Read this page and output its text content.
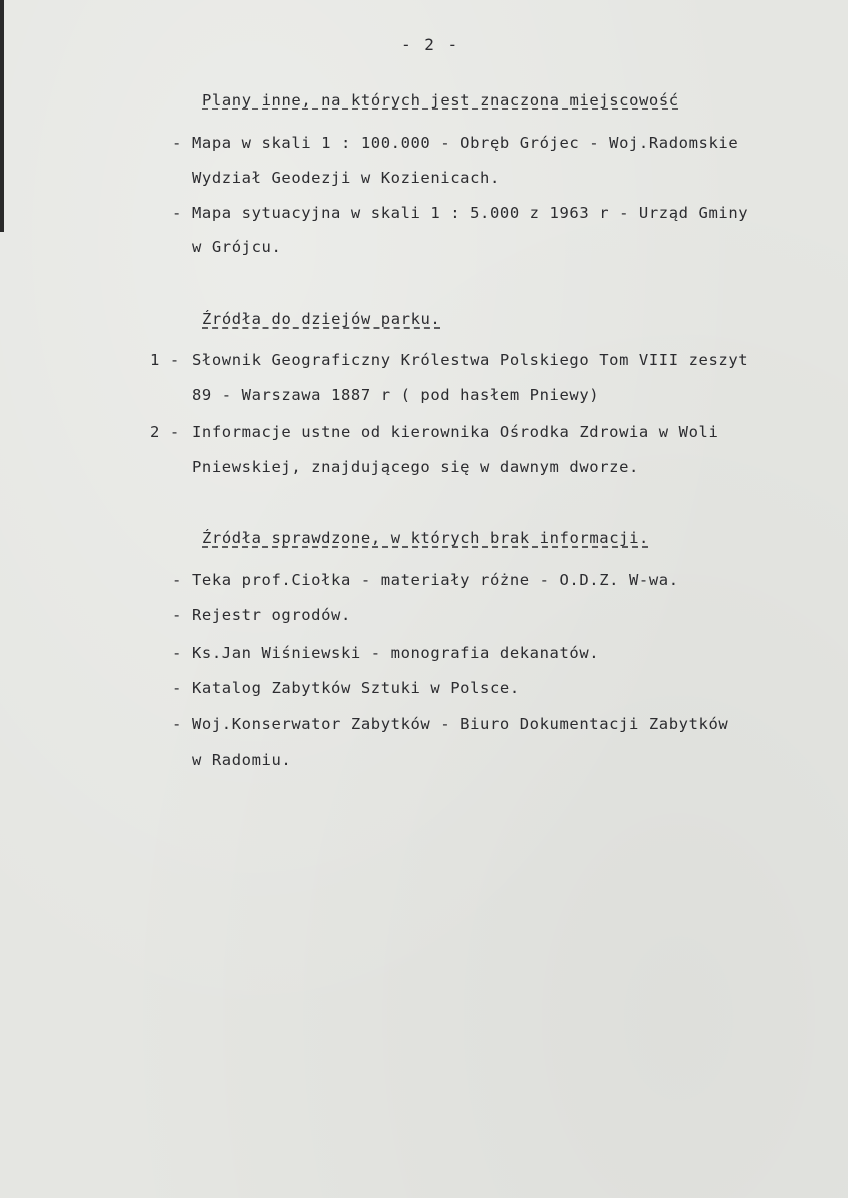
- 2 -
Plany inne, na których jest znaczona miejscowość
- Mapa w skali 1 : 100.000 - Obręb Grójec - Woj.Radomskie
Wydział Geodezji w Kozienicach.
- Mapa sytuacyjna w skali 1 : 5.000 z 1963 r - Urząd Gminy
w Grójcu.
Źródła do dziejów parku.
1 - Słownik Geograficzny Królestwa Polskiego Tom VIII zeszyt
89 - Warszawa 1887 r ( pod hasłem Pniewy)
2 - Informacje ustne od kierownika Ośrodka Zdrowia w Woli
Pniewskiej, znajdującego się w dawnym dworze.
Źródła sprawdzone, w których brak informacji.
- Teka prof.Ciołka - materiały różne - O.D.Z. W-wa.
- Rejestr ogrodów.
- Ks.Jan Wiśniewski - monografia dekanatów.
- Katalog Zabytków Sztuki w Polsce.
- Woj.Konserwator Zabytków - Biuro Dokumentacji Zabytków
w Radomiu.
